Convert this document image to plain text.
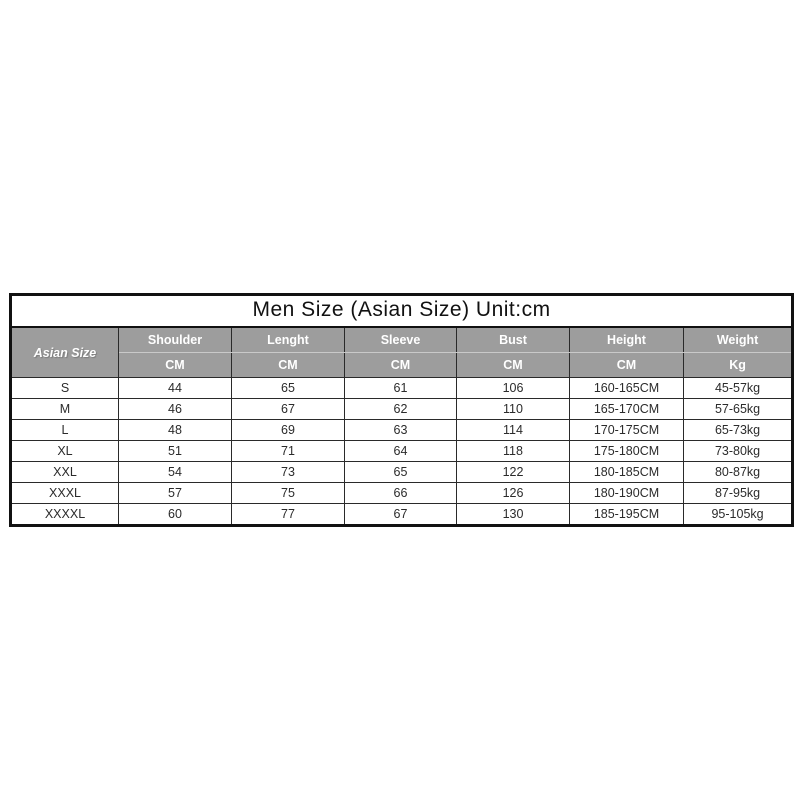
Men Size (Asian Size) Unit:cm						
Asian Size	Shoulder	Lenght	Sleeve	Bust	Height	Weight
	CM	CM	CM	CM	CM	Kg
S	44	65	61	106	160-165CM	45-57kg
M	46	67	62	110	165-170CM	57-65kg
L	48	69	63	114	170-175CM	65-73kg
XL	51	71	64	118	175-180CM	73-80kg
XXL	54	73	65	122	180-185CM	80-87kg
XXXL	57	75	66	126	180-190CM	87-95kg
XXXXL	60	77	67	130	185-195CM	95-105kg
